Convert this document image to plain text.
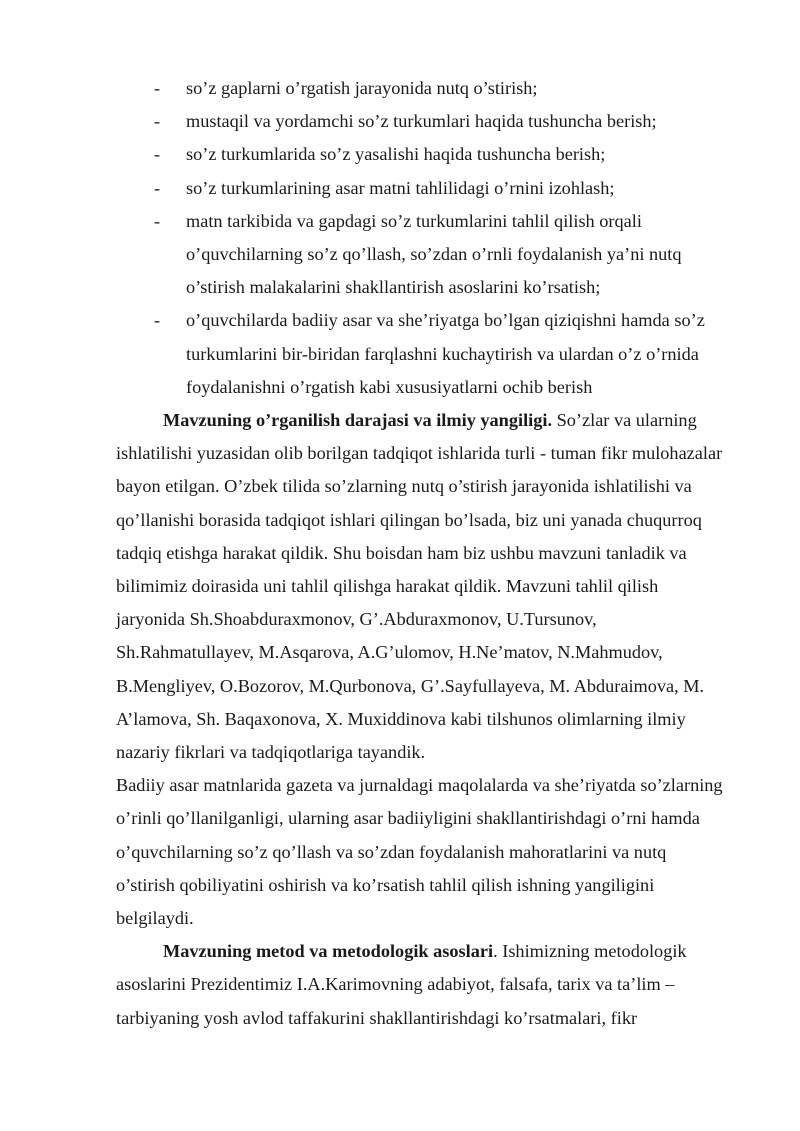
- so’z gaplarni o’rgatish jarayonida nutq o’stirish;
- mustaqil va yordamchi so’z turkumlari haqida tushuncha berish;
- so’z turkumlarida so’z yasalishi haqida tushuncha berish;
- so’z turkumlarining asar matni tahlilidagi o’rnini izohlash;
- matn tarkibida va gapdagi so’z turkumlarini tahlil qilish orqali o’quvchilarning so’z qo’llash, so’zdan o’rnli foydalanish ya’ni nutq o’stirish malakalarini shakllantirish asoslarini ko’rsatish;
- o’quvchilarda badiiy asar va she’riyatga bo’lgan qiziqishni hamda so’z turkumlarini bir-biridan farqlashni kuchaytirish va ulardan o’z o’rnida foydalanishni o’rgatish kabi xususiyatlarni ochib berish

Mavzuning o’rganilish darajasi va ilmiy yangiligi. So’zlar va ularning ishlatilishi yuzasidan olib borilgan tadqiqot ishlarida turli - tuman fikr mulohazalar bayon etilgan. O’zbek tilida so’zlarning nutq o’stirish jarayonida ishlatilishi va qo’llanishi borasida tadqiqot ishlari qilingan bo’lsada, biz uni yanada chuqurroq tadqiq etishga harakat qildik. Shu boisdan ham biz ushbu mavzuni tanladik va bilimimiz doirasida uni tahlil qilishga harakat qildik. Mavzuni tahlil qilish jaryonida Sh.Shoabduraxmonov, G’.Abduraxmonov, U.Tursunov, Sh.Rahmatullayev, M.Asqarova, A.G’ulomov, H.Ne’matov, N.Mahmudov, B.Mengliyev, O.Bozorov, M.Qurbonova, G’.Sayfullayeva, M. Abduraimova, M. A’lamova, Sh. Baqaxonova, X. Muxiddinova kabi tilshunos olimlarning ilmiy nazariy fikrlari va tadqiqotlariga tayandik.

Badiiy asar matnlarida gazeta va jurnaldagi maqolalarda va she’riyatda so’zlarning o’rinli qo’llanilganligi, ularning asar badiiyligini shakllantirishdagi o’rni hamda o’quvchilarning so’z qo’llash va so’zdan foydalanish mahoratlarini va nutq o’stirish qobiliyatini oshirish va ko’rsatish tahlil qilish ishning yangiligini belgilaydi.

Mavzuning metod va metodologik asoslari. Ishimizning metodologik asoslarini Prezidentimiz I.A.Karimovning adabiyot, falsafa, tarix va ta’lim – tarbiyaning yosh avlod taffakurini shakllantirishdagi ko’rsatmalari, fikr
